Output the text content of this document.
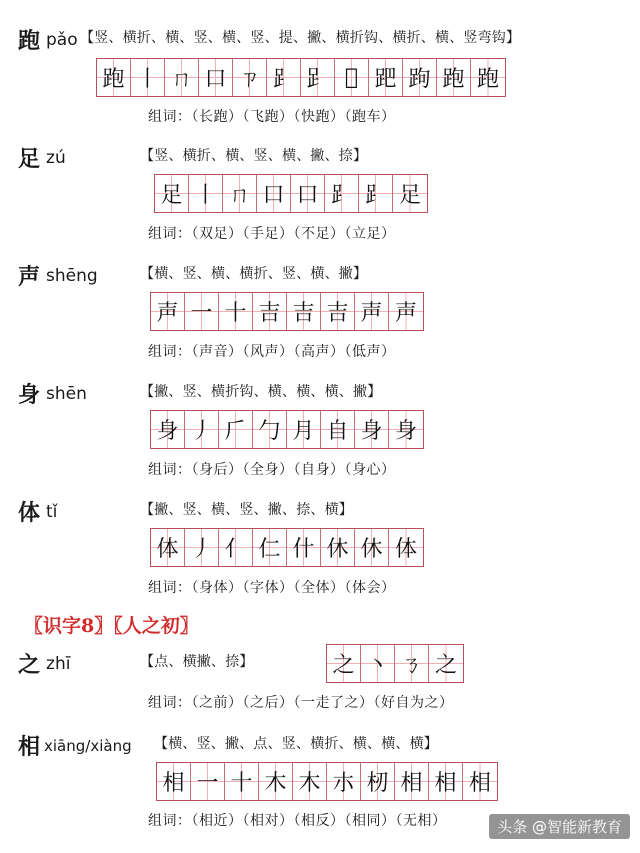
跑 pǎo 【竖、横折、横、竖、横、竖、提、撇、横折钩、横折、横、竖弯钩】
跑 丨 ㄇ 口 ㄗ ⻊ 𧾷 𨀈 跁 跔 跑 跑
组词：（长跑）（飞跑）（快跑）（跑车）
足 zú	【竖、横折、横、竖、横、撇、捺】
足 丨 ㄇ 口 ⼝ ⻊ ⻊ 足
组词：（双足）（手足）（不足）（立足）
声 shēng	【横、竖、横、横折、竖、横、撇】
声 一 十 吉 吉 吉 声 声
组词：（声音）（风声）（高声）（低声）
身 shēn	【撇、竖、横折钩、横、横、横、撇】
身 丿 𠂆 勹 ⽉ 自 身 身
组词：（身后）（全身）（自身）（身心）
体 tǐ	【撇、竖、横、竖、撇、捺、横】
体 丿 亻 仁 什 休 休 体
组词：（身体）（字体）（全体）（体会）
〖识字8〗〖人之初〗
之 zhī	【点、横撇、捺】	之 丶 ㄋ 之
组词：（之前）（之后）（一走了之）（好自为之）
相 xiāng/xiàng 【横、竖、撇、点、竖、横折、横、横、横】
相 一 十 木 木 朩 杒 相 相 相
组词：（相近）（相对）（相反）（相同）（无相）	头条 @智能新教育
